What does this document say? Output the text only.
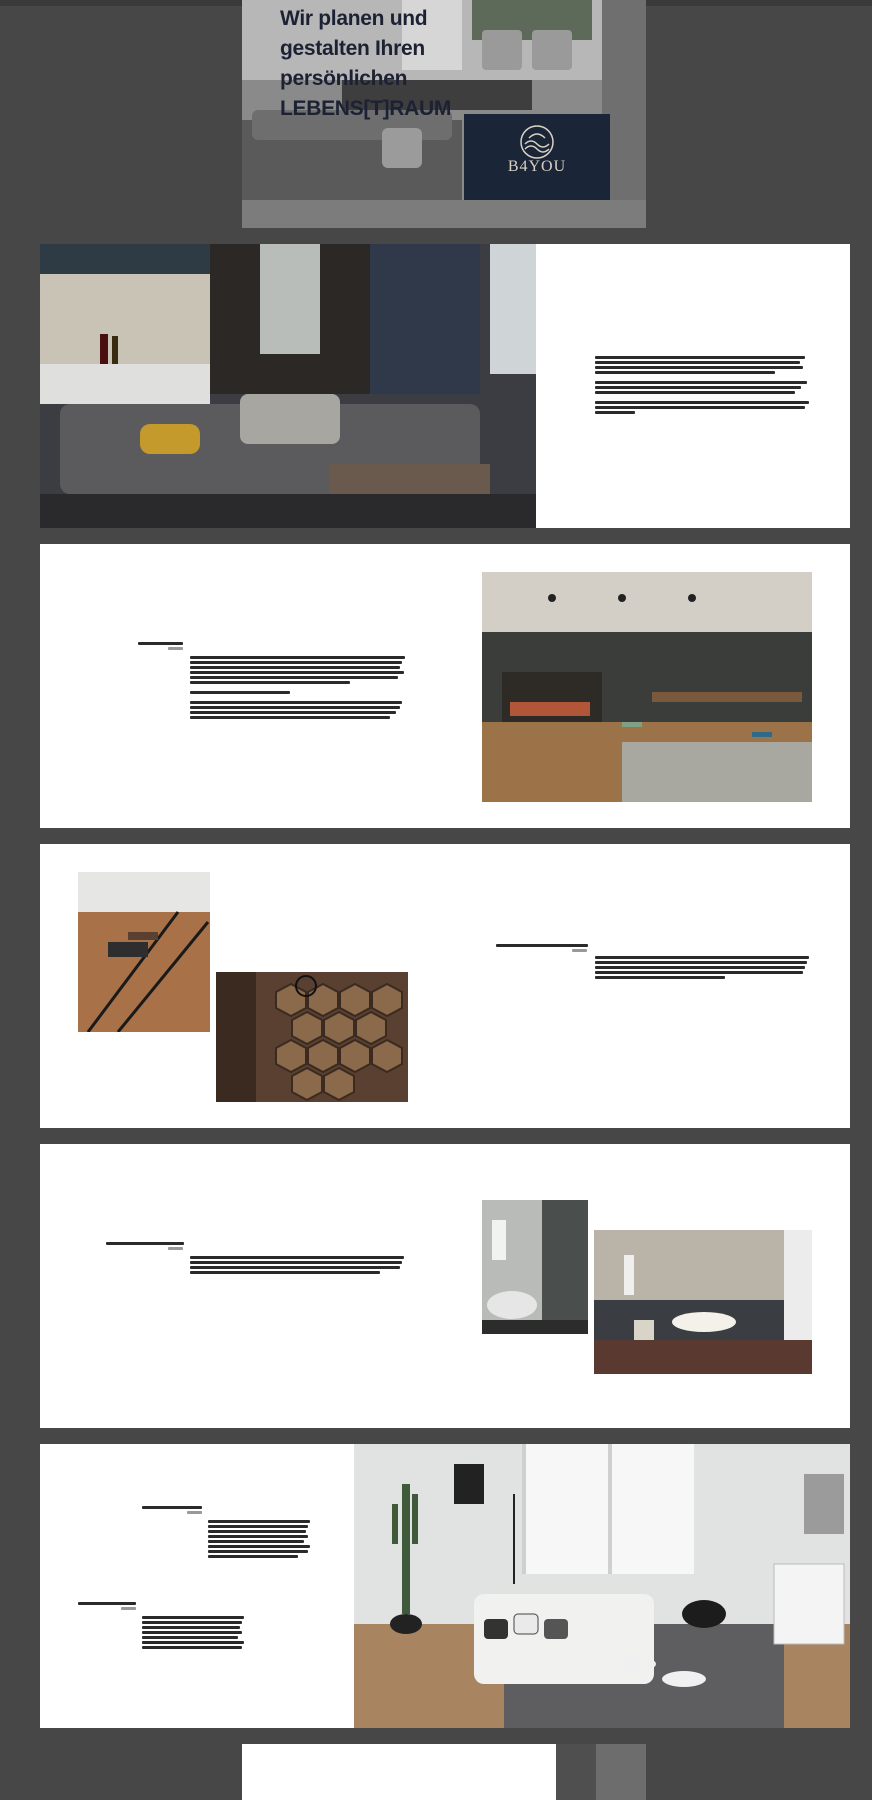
Wir planen und
gestalten Ihren
persönlichen
LEBENS[T]RAUM
B4YOU
